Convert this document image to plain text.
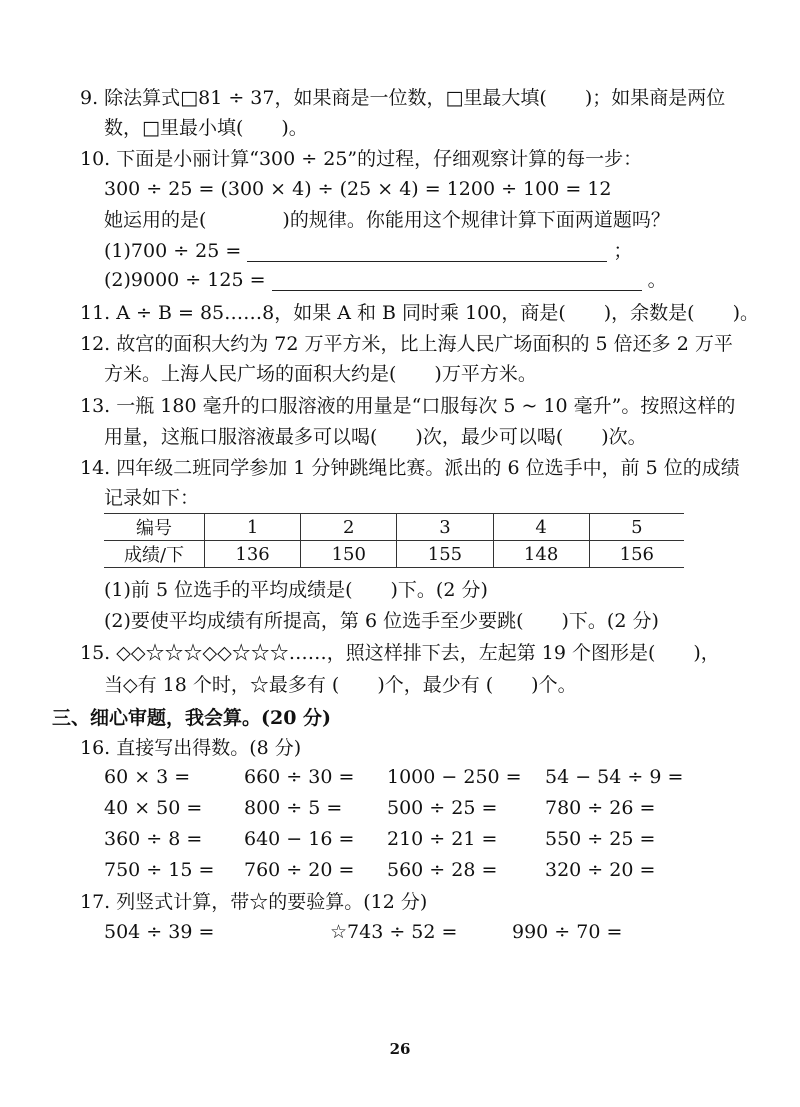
9. 除法算式□81 ÷ 37，如果商是一位数，□里最大填(　　)；如果商是两位
数，□里最小填(　　)。
10. 下面是小丽计算“300 ÷ 25”的过程，仔细观察计算的每一步：
300 ÷ 25 = (300 × 4) ÷ (25 × 4) = 1200 ÷ 100 = 12
她运用的是(　　　　)的规律。你能用这个规律计算下面两道题吗？
(1)700 ÷ 25 =	；
(2)9000 ÷ 125 =	。
11. A ÷ B = 85……8，如果 A 和 B 同时乘 100，商是(　　)，余数是(　　)。
12. 故宫的面积大约为 72 万平方米，比上海人民广场面积的 5 倍还多 2 万平
方米。上海人民广场的面积大约是(　　)万平方米。
13. 一瓶 180 毫升的口服溶液的用量是“口服每次 5 ~ 10 毫升”。按照这样的
用量，这瓶口服溶液最多可以喝(　　)次，最少可以喝(　　)次。
14. 四年级二班同学参加 1 分钟跳绳比赛。派出的 6 位选手中，前 5 位的成绩
记录如下：
编号	1	2	3	4	5
成绩/下	136	150	155	148	156
(1)前 5 位选手的平均成绩是(　　)下。(2 分)
(2)要使平均成绩有所提高，第 6 位选手至少要跳(　　)下。(2 分)
15. ◇◇☆☆☆◇◇☆☆☆……，照这样排下去，左起第 19 个图形是(　　)，
当◇有 18 个时，☆最多有 (　　)个，最少有 (　　)个。
三、细心审题，我会算。(20 分)
16. 直接写出得数。(8 分)
60 × 3 =	660 ÷ 30 = 1000 − 250 = 54 − 54 ÷ 9 =
40 × 50 = 800 ÷ 5 = 500 ÷ 25 =	780 ÷ 26 =
360 ÷ 8 = 640 − 16 = 210 ÷ 21 =	550 ÷ 25 =
750 ÷ 15 = 760 ÷ 20 = 560 ÷ 28 =	320 ÷ 20 =
17. 列竖式计算，带☆的要验算。(12 分)
504 ÷ 39 =	☆743 ÷ 52 =	990 ÷ 70 =
26
